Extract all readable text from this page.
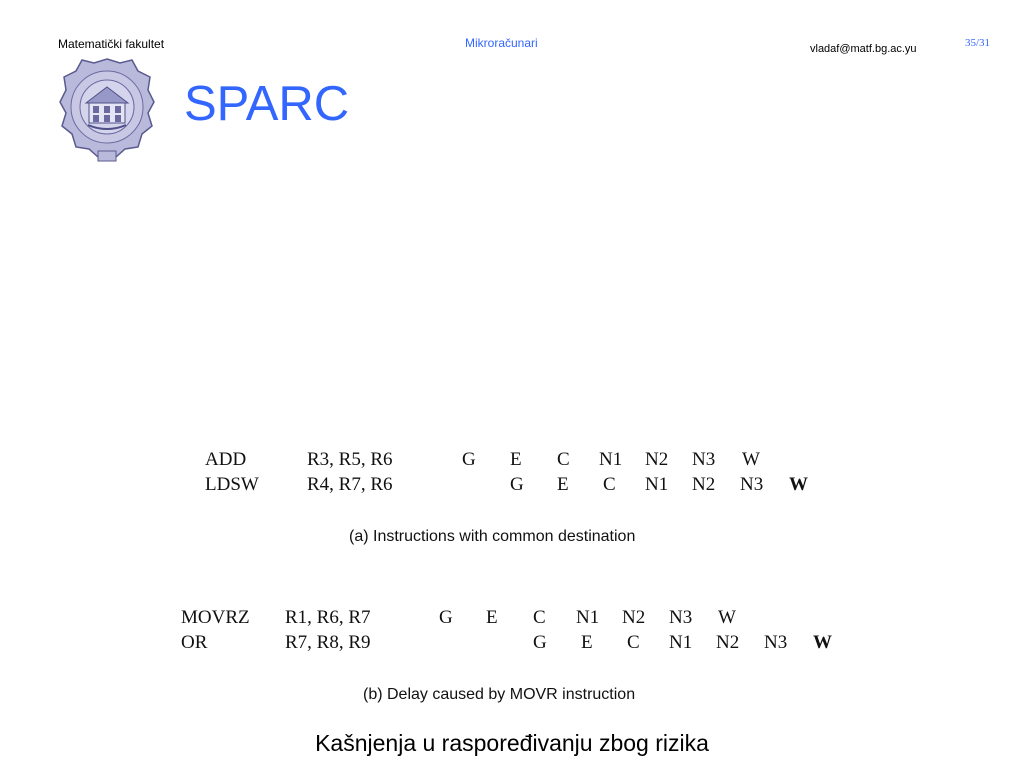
Matematički fakultet	Mikroračunari	vladaf@matf.bg.ac.yu	35/31
SPARC
ADD	R3, R5, R6	G E C N1 N2 N3 W
LDSW	R4, R7, R6	G E C N1 N2 N3 W
(a) Instructions with common destination
MOVRZ R1, R6, R7	G E C N1 N2 N3 W
OR	R7, R8, R9	G E C N1 N2 N3 W
(b) Delay caused by MOVR instruction
Kašnjenja u raspoređivanju zbog rizika
